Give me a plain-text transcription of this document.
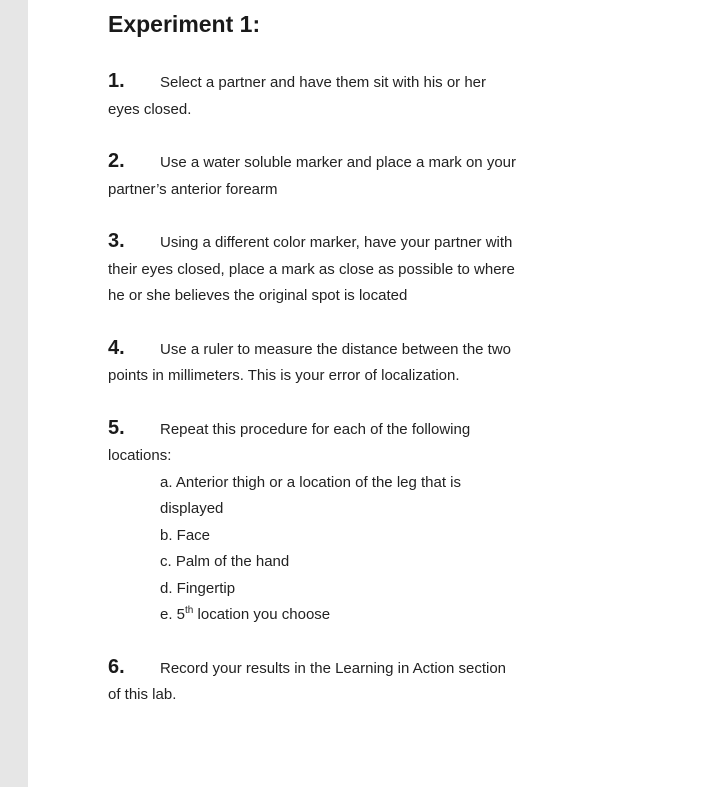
Experiment 1:
1. Select a partner and have them sit with his or her eyes closed.
2. Use a water soluble marker and place a mark on your partner’s anterior forearm
3. Using a different color marker, have your partner with their eyes closed, place a mark as close as possible to where he or she believes the original spot is located
4. Use a ruler to measure the distance between the two points in millimeters. This is your error of localization.
5. Repeat this procedure for each of the following locations:
a. Anterior thigh or a location of the leg that is displayed
b. Face
c. Palm of the hand
d. Fingertip
e. 5th location you choose
6. Record your results in the Learning in Action section of this lab.
